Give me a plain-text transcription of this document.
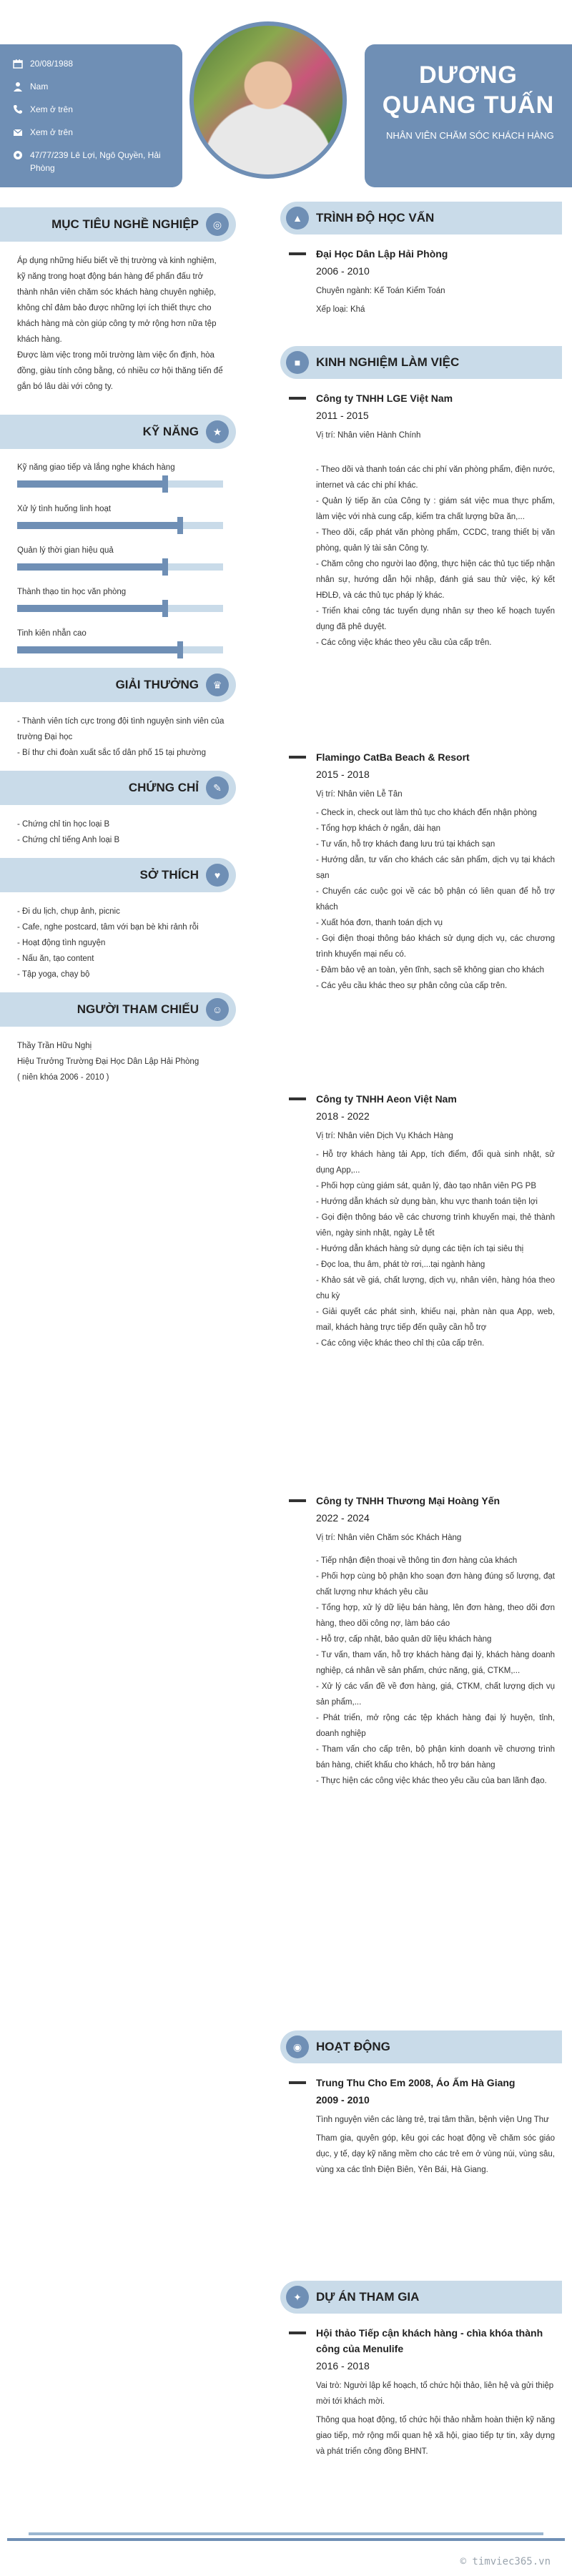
20/08/1988
Nam
Xem ở trên
Xem ở trên
47/77/239 Lê Lợi, Ngô Quyền, Hải Phòng
DƯƠNG QUANG TUẤN
NHÂN VIÊN CHĂM SÓC KHÁCH HÀNG
MỤC TIÊU NGHỀ NGHIỆP ◎
Áp dụng những hiểu biết về thị trường và kinh nghiệm, kỹ năng trong hoạt động bán hàng để phấn đấu trở thành nhân viên chăm sóc khách hàng chuyên nghiệp, không chỉ đảm bảo được những lợi ích thiết thực cho khách hàng mà còn giúp công ty mở rộng hơn nữa tệp khách hàng.
Được làm việc trong môi trường làm việc ổn định, hòa đồng, giàu tính công bằng, có nhiều cơ hội thăng tiến để gắn bó lâu dài với công ty.
KỸ NĂNG ★
Kỹ năng giao tiếp và lắng nghe khách hàng
Xử lý tình huống linh hoạt
Quản lý thời gian hiệu quả
Thành thạo tin học văn phòng
Tinh kiên nhẫn cao
GIẢI THƯỞNG ♛
- Thành viên tích cực trong đội tình nguyện sinh viên của trường Đại học
- Bí thư chi đoàn xuất sắc tổ dân phố 15 tại phường
CHỨNG CHỈ ✎
- Chứng chỉ tin học loại B
- Chứng chỉ tiếng Anh loại B
SỞ THÍCH ♥
- Đi du lịch, chụp ảnh, picnic
- Cafe, nghe postcard, tâm với bạn bè khi rảnh rỗi
- Hoạt động tình nguyện
- Nấu ăn, tạo content
- Tập yoga, chạy bộ
NGƯỜI THAM CHIẾU ☺
Thầy Trần Hữu Nghị
Hiệu Trưởng Trường Đại Học Dân Lập Hải Phòng
( niên khóa 2006 - 2010 )
▲ TRÌNH ĐỘ HỌC VẤN
Đại Học Dân Lập Hải Phòng
2006 - 2010
Chuyên ngành: Kế Toán Kiểm Toán
Xếp loại: Khá
■ KINH NGHIỆM LÀM VIỆC
Công ty TNHH LGE Việt Nam
2011 - 2015
Vị trí: Nhân viên Hành Chính

- Theo dõi và thanh toán các chi phí văn phòng phẩm, điện nước, internet và các chi phí khác.
- Quản lý tiếp ăn của Công ty : giám sát việc mua thực phẩm, làm việc với nhà cung cấp, kiểm tra chất lượng bữa ăn,...
- Theo dõi, cấp phát văn phòng phẩm, CCDC, trang thiết bị văn phòng, quản lý tài sản Công ty.
- Chăm công cho người lao động, thực hiện các thủ tục tiếp nhận nhân sự, hướng dẫn hội nhập, đánh giá sau thử việc, ký kết HĐLĐ, và các thủ tục pháp lý khác.
- Triển khai công tác tuyển dụng nhân sự theo kế hoạch tuyển dụng đã phê duyệt.
- Các công việc khác theo yêu cầu của cấp trên.
Flamingo CatBa Beach & Resort
2015 - 2018
Vị trí: Nhân viên Lễ Tân
- Check in, check out làm thủ tục cho khách đến nhận phòng
- Tổng hợp khách ở ngắn, dài hạn
- Tư vấn, hỗ trợ khách đang lưu trú tại khách sạn
- Hướng dẫn, tư vấn cho khách các sản phẩm, dịch vụ tại khách sạn
- Chuyển các cuộc gọi về các bộ phận có liên quan để hỗ trợ khách
- Xuất hóa đơn, thanh toán dịch vụ
- Gọi điện thoại thông báo khách sử dụng dịch vụ, các chương trình khuyến mại nếu có.
- Đảm bảo vệ an toàn, yên tĩnh, sạch sẽ không gian cho khách
- Các yêu cầu khác theo sự phân công của cấp trên.
Công ty TNHH Aeon Việt Nam
2018 - 2022
Vị trí: Nhân viên Dịch Vụ Khách Hàng
- Hỗ trợ khách hàng tải App, tích điểm, đổi quà sinh nhật, sử dụng App,...
- Phối hợp cùng giám sát, quản lý, đào tạo nhân viên PG PB
- Hướng dẫn khách sử dụng bàn, khu vực thanh toán tiện lợi
- Gọi điện thông báo về các chương trình khuyến mại, thẻ thành viên, ngày sinh nhật, ngày Lễ tết
- Hướng dẫn khách hàng sử dụng các tiện ích tại siêu thị
- Đọc loa, thu âm, phát tờ rơi,...tại ngành hàng
- Khảo sát về giá, chất lượng, dịch vụ, nhân viên, hàng hóa theo chu kỳ
- Giải quyết các phát sinh, khiếu nại, phàn nàn qua App, web, mail, khách hàng trực tiếp đến quầy cần hỗ trợ
- Các công việc khác theo chỉ thị của cấp trên.
Công ty TNHH Thương Mại Hoàng Yến
2022 - 2024
Vị trí: Nhân viên Chăm sóc Khách Hàng
- Tiếp nhận điện thoại về thông tin đơn hàng của khách
- Phối hợp cùng bộ phận kho soạn đơn hàng đúng số lượng, đạt chất lượng như khách yêu cầu
- Tổng hợp, xử lý dữ liệu bán hàng, lên đơn hàng, theo dõi đơn hàng, theo dõi công nợ, làm báo cáo
- Hỗ trợ, cấp nhật, bảo quản dữ liệu khách hàng
- Tư vấn, tham vấn, hỗ trợ khách hàng đại lý, khách hàng doanh nghiệp, cá nhân về sản phẩm, chức năng, giá, CTKM,...
- Xử lý các vấn đề về đơn hàng, giá, CTKM, chất lượng dịch vụ sản phẩm,...
- Phát triển, mở rộng các tệp khách hàng đại lý huyện, tỉnh, doanh nghiệp
- Tham vấn cho cấp trên, bộ phận kinh doanh về chương trình bán hàng, chiết khấu cho khách, hỗ trợ bán hàng
- Thực hiện các công việc khác theo yêu cầu của ban lãnh đạo.
◉ HOẠT ĐỘNG
Trung Thu Cho Em 2008, Áo Ấm Hà Giang
2009 - 2010
Tình nguyện viên các làng trẻ, trại tâm thần, bệnh viện Ung Thư
Tham gia, quyên góp, kêu gọi các hoạt động về chăm sóc giáo dục, y tế, dạy kỹ năng mềm cho các trẻ em ở vùng núi, vùng sâu, vùng xa các tỉnh Điện Biên, Yên Bái, Hà Giang.
✦ DỰ ÁN THAM GIA
Hội thảo Tiếp cận khách hàng - chìa khóa thành công của Menulife
2016 - 2018
Vai trò: Người lập kế hoạch, tổ chức hội thảo, liên hệ và gửi thiệp mời tới khách mời.
Thông qua hoạt động, tổ chức hội thảo nhằm hoàn thiện kỹ năng giao tiếp, mở rộng mối quan hệ xã hội, giao tiếp tự tin, xây dựng và phát triển công đồng BHNT.
© timviec365.vn
